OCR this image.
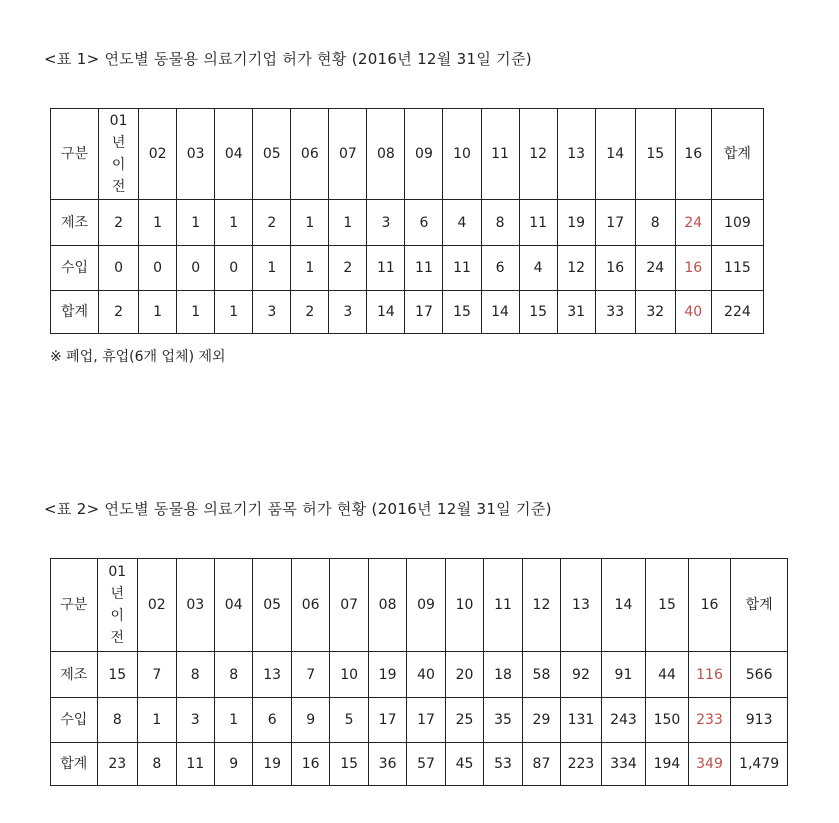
<표 1> 연도별 동물용 의료기기업 허가 현황 (2016년 12월 31일 기준)
구분	01
년
이
전	02	03	04	05	06	07	08	09	10	11	12	13	14	15	16	합계
제조	2	1	1	1	2	1	1	3	6	4	8	11	19	17	8	24	109
수입	0	0	0	0	1	1	2	11	11	11	6	4	12	16	24	16	115
합계	2	1	1	1	3	2	3	14	17	15	14	15	31	33	32	40	224
※ 폐업, 휴업(6개 업체) 제외
<표 2> 연도별 동물용 의료기기 품목 허가 현황 (2016년 12월 31일 기준)
구분	01
년
이
전	02	03	04	05	06	07	08	09	10	11	12	13	14	15	16	합계
제조	15	7	8	8	13	7	10	19	40	20	18	58	92	91	44	116	566
수입	8	1	3	1	6	9	5	17	17	25	35	29	131	243	150	233	913
합계	23	8	11	9	19	16	15	36	57	45	53	87	223	334	194	349	1,479
